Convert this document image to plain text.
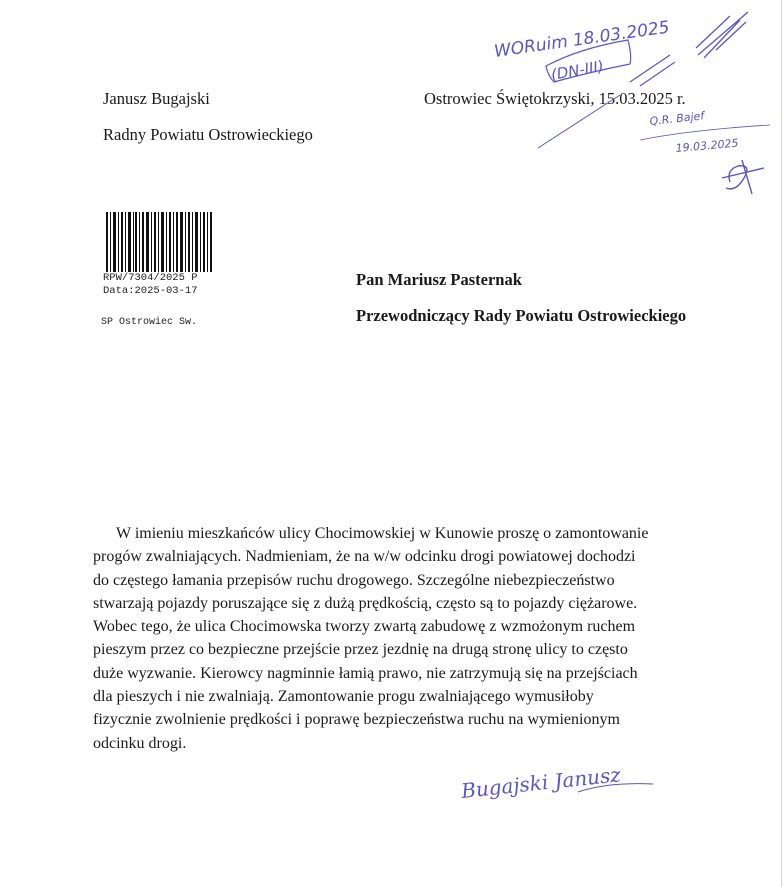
Janusz Bugajski
Radny Powiatu Ostrowieckiego
Ostrowiec Świętokrzyski, 15.03.2025 r.
WORuim 18.03.2025
(DN-III)
Q.R. Bajef
19.03.2025
RPW/7304/2025 P
Data:2025-03-17
SP Ostrowiec Sw.
Pan Mariusz Pasternak
Przewodniczący Rady Powiatu Ostrowieckiego
W imieniu mieszkańców ulicy Chocimowskiej w Kunowie proszę o zamontowanie
progów zwalniających. Nadmieniam, że na w/w odcinku drogi powiatowej dochodzi
do częstego łamania przepisów ruchu drogowego. Szczególne niebezpieczeństwo
stwarzają pojazdy poruszające się z dużą prędkością, często są to pojazdy ciężarowe.
Wobec tego, że ulica Chocimowska tworzy zwartą zabudowę z wzmożonym ruchem
pieszym przez co bezpieczne przejście przez jezdnię na drugą stronę ulicy to często
duże wyzwanie. Kierowcy nagminnie łamią prawo, nie zatrzymują się na przejściach
dla pieszych i nie zwalniają. Zamontowanie progu zwalniającego wymusiłoby
fizycznie zwolnienie prędkości i poprawę bezpieczeństwa ruchu na wymienionym
odcinku drogi.
Bugajski Janusz
